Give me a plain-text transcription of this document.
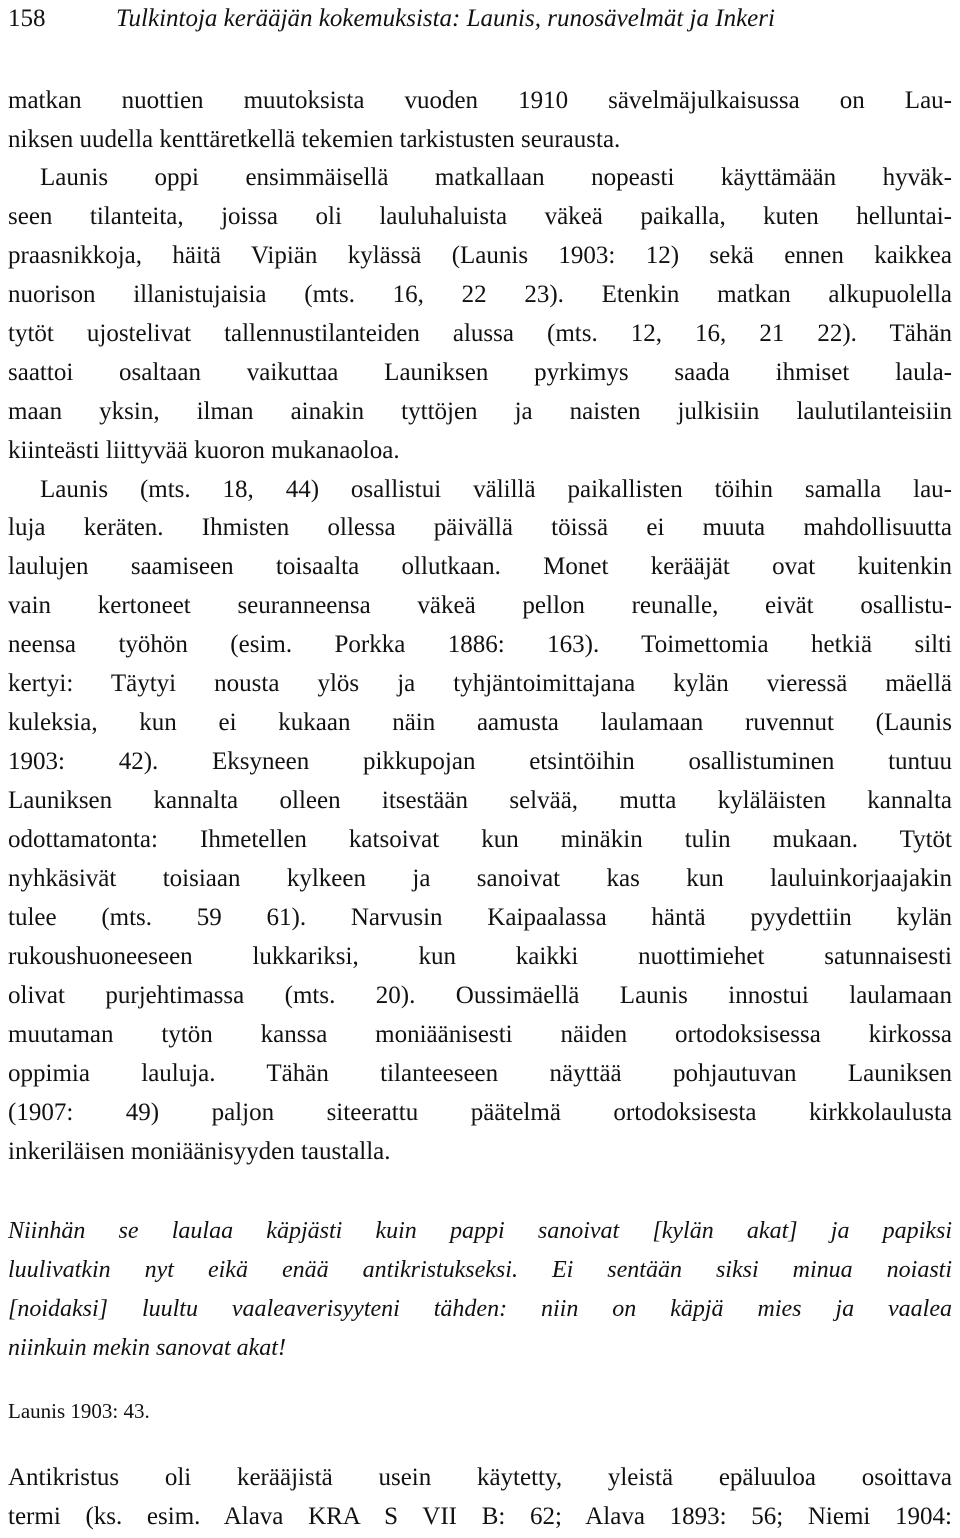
158	Tulkintoja kerääjän kokemuksista: Launis, runosävelmät ja Inkeri
matkan nuottien muutoksista vuoden 1910 sävelmäjulkaisussa on Lau-
niksen uudella kenttäretkellä tekemien tarkistusten seurausta.
Launis oppi ensimmäisellä matkallaan nopeasti käyttämään hyväk-
seen tilanteita, joissa oli lauluhaluista väkeä paikalla, kuten helluntai-
praasnikkoja, häitä Vipiän kylässä (Launis 1903: 12) sekä ennen kaikkea
nuorison illanistujaisia (mts. 16, 22 23). Etenkin matkan alkupuolella
tytöt ujostelivat tallennustilanteiden alussa (mts. 12, 16, 21 22). Tähän
saattoi osaltaan vaikuttaa Launiksen pyrkimys saada ihmiset laula-
maan yksin, ilman ainakin tyttöjen ja naisten julkisiin laulutilanteisiin
kiinteästi liittyvää kuoron mukanaoloa.
Launis (mts. 18, 44) osallistui välillä paikallisten töihin samalla lau-
luja keräten. Ihmisten ollessa päivällä töissä ei muuta mahdollisuutta
laulujen saamiseen toisaalta ollutkaan. Monet kerääjät ovat kuitenkin
vain kertoneet seuranneensa väkeä pellon reunalle, eivät osallistu-
neensa työhön (esim. Porkka 1886: 163). Toimettomia hetkiä silti
kertyi: Täytyi nousta ylös ja tyhjäntoimittajana kylän vieressä mäellä
kuleksia, kun ei kukaan näin aamusta laulamaan ruvennut (Launis
1903: 42). Eksyneen pikkupojan etsintöihin osallistuminen tuntuu
Launiksen kannalta olleen itsestään selvää, mutta kyläläisten kannalta
odottamatonta: Ihmetellen katsoivat kun minäkin tulin mukaan. Tytöt
nyhkäsivät toisiaan kylkeen ja sanoivat kas kun lauluinkorjaajakin
tulee (mts. 59 61). Narvusin Kaipaalassa häntä pyydettiin kylän
rukoushuoneeseen lukkariksi, kun kaikki nuottimiehet satunnaisesti
olivat purjehtimassa (mts. 20). Oussimäellä Launis innostui laulamaan
muutaman tytön kanssa moniäänisesti näiden ortodoksisessa kirkossa
oppimia lauluja. Tähän tilanteeseen näyttää pohjautuvan Launiksen
(1907: 49) paljon siteerattu päätelmä ortodoksisesta kirkkolaulusta
inkeriläisen moniäänisyyden taustalla.
Niinhän se laulaa käpjästi kuin pappi sanoivat [kylän akat] ja papiksi
luulivatkin nyt eikä enää antikristukseksi. Ei sentään siksi minua noiasti
[noidaksi] luultu vaaleaverisyyteni tähden: niin on käpjä mies ja vaalea
niinkuin mekin sanovat akat!
Launis 1903: 43.
Antikristus oli kerääjistä usein käytetty, yleistä epäluuloa osoittava
termi (ks. esim. Alava KRA S VII B: 62; Alava 1893: 56; Niemi 1904:
